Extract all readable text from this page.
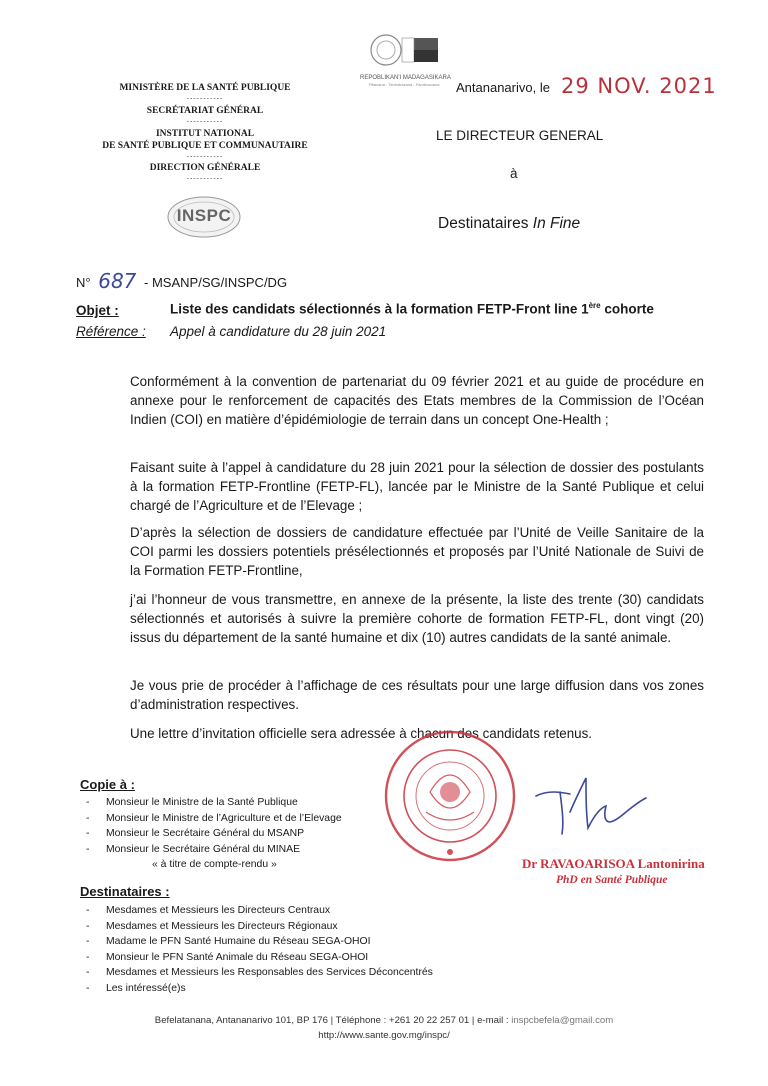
REPOBLIKAN'I MADAGASIKARA
Fitiavana - Tanindrazana - Fandrosoana
MINISTÈRE DE LA SANTÉ PUBLIQUE
-----------
SECRÉTARIAT GÉNÉRAL
-----------
INSTITUT NATIONAL
DE SANTÉ PUBLIQUE ET COMMUNAUTAIRE
-----------
DIRECTION GÉNÉRALE
-----------
INSPC
Antananarivo, le 29 NOV. 2021
LE DIRECTEUR GENERAL
à
Destinataires In Fine
N° 687 - MSANP/SG/INSPC/DG
Objet :	Liste des candidats sélectionnés à la formation FETP-Front line 1ère cohorte
Référence : Appel à candidature du 28 juin 2021
Conformément à la convention de partenariat du 09 février 2021 et au guide de procédure en annexe pour le renforcement de capacités des Etats membres de la Commission de l’Océan Indien (COI) en matière d’épidémiologie de terrain dans un concept One-Health ;
Faisant suite à l’appel à candidature du 28 juin 2021 pour la sélection de dossier des postulants à la formation FETP-Frontline (FETP-FL), lancée par le Ministre de la Santé Publique et celui chargé de l’Agriculture et de l’Elevage ;
D’après la sélection de dossiers de candidature effectuée par l’Unité de Veille Sanitaire de la COI parmi les dossiers potentiels présélectionnés et proposés par l’Unité Nationale de Suivi de la Formation FETP-Frontline,
j’ai l’honneur de vous transmettre, en annexe de la présente, la liste des trente (30) candidats sélectionnés et autorisés à suivre la première cohorte de formation FETP-FL, dont vingt (20) issus du département de la santé humaine et dix (10) autres candidats de la santé animale.
Je vous prie de procéder à l’affichage de ces résultats pour une large diffusion dans vos zones d’administration respectives.
Une lettre d’invitation officielle sera adressée à chacun des candidats retenus.
Dr RAVAOARISOA Lantonirina
PhD en Santé Publique
Copie à :
- Monsieur le Ministre de la Santé Publique
- Monsieur le Ministre de l’Agriculture et de l’Elevage
- Monsieur le Secrétaire Général du MSANP
- Monsieur le Secrétaire Général du MINAE
« à titre de compte-rendu »
Destinataires :
- Mesdames et Messieurs les Directeurs Centraux
- Mesdames et Messieurs les Directeurs Régionaux
- Madame le PFN Santé Humaine du Réseau SEGA-OHOI
- Monsieur le PFN Santé Animale du Réseau SEGA-OHOI
- Mesdames et Messieurs les Responsables des Services Déconcentrés
- Les intéressé(e)s
Befelatanana, Antananarivo 101, BP 176 | Téléphone : +261 20 22 257 01 | e-mail : inspcbefela@gmail.com
http://www.sante.gov.mg/inspc/
